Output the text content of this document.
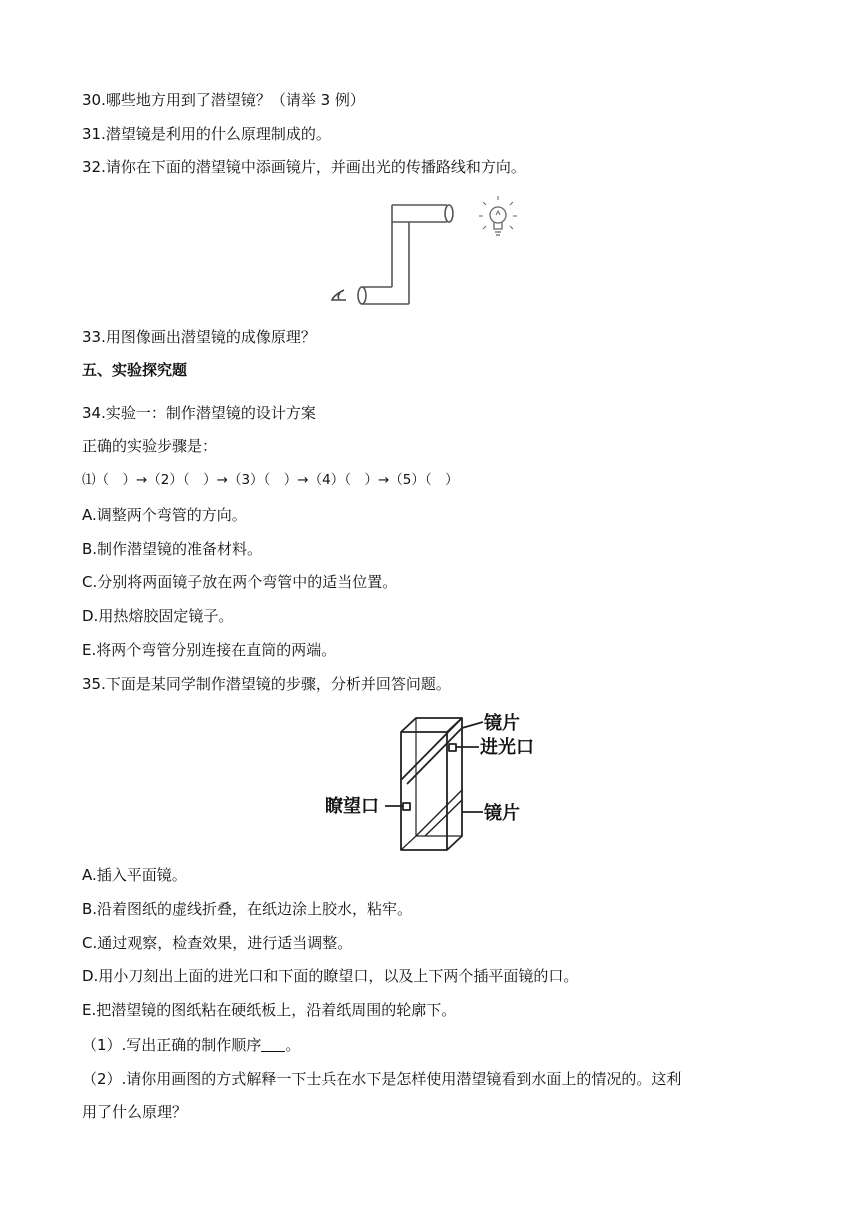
30.哪些地方用到了潜望镜？（请举 3 例）
31.潜望镜是利用的什么原理制成的。
32.请你在下面的潜望镜中添画镜片，并画出光的传播路线和方向。
33.用图像画出潜望镜的成像原理？
五、实验探究题
34.实验一：制作潜望镜的设计方案
正确的实验步骤是：
⑴（　）→（2）（　）→（3）（　）→（4）（　）→（5）（　）
A.调整两个弯管的方向。
B.制作潜望镜的准备材料。
C.分别将两面镜子放在两个弯管中的适当位置。
D.用热熔胶固定镜子。
E.将两个弯管分别连接在直筒的两端。
35.下面是某同学制作潜望镜的步骤，分析并回答问题。
镜片
进光口
瞭望口	镜片
A.插入平面镜。
B.沿着图纸的虚线折叠，在纸边涂上胶水，粘牢。
C.通过观察，检查效果，进行适当调整。
D.用小刀刻出上面的进光口和下面的瞭望口，以及上下两个插平面镜的口。
E.把潜望镜的图纸粘在硬纸板上，沿着纸周围的轮廓下。
（1）.写出正确的制作顺序 。
（2）.请你用画图的方式解释一下士兵在水下是怎样使用潜望镜看到水面上的情况的。这利
用了什么原理？
